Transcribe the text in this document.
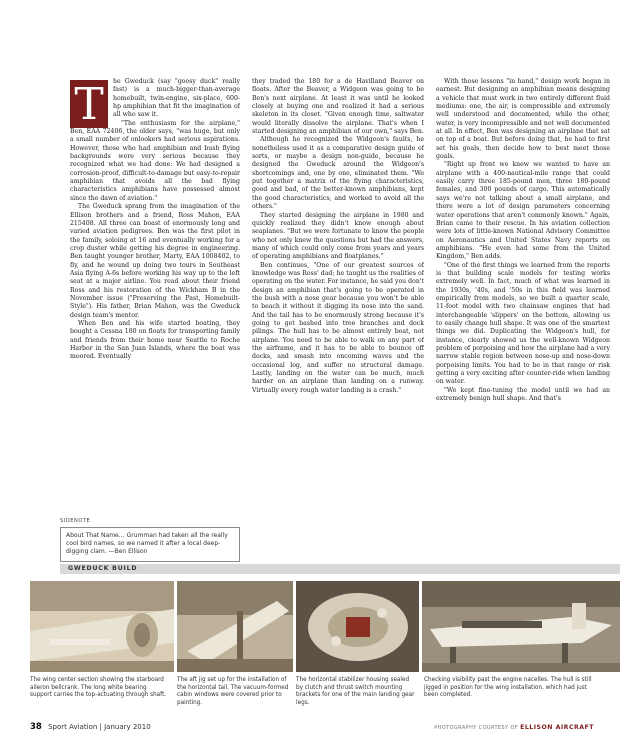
T	he Gweduck (say "goosy duck" really fast) is a much-bigger-than-average homebuilt, twin-engine, six-place, 600-hp amphibian that fit the imagination of all who saw it.

"The enthusiasm for the airplane," Ben, EAA 72406, the older says, "was huge, but only a small number of onlookers had serious aspirations. However, those who had amphibian and bush flying backgrounds were very serious because they recognized what we had done: We had designed a corrosion-proof, difficult-to-damage but easy-to-repair amphibian that avoids all the bad flying characteristics amphibians have possessed almost since the dawn of aviation."

The Gweduck sprang from the imagination of the Ellison brothers and a friend, Ross Mahon, EAA 215408. All three can boast of enormously long and varied aviation pedigrees. Ben was the first pilot in the family, soloing at 16 and eventually working for a crop duster while getting his degree in engineering. Ben taught younger brother, Marty, EAA 1008402, to fly, and he wound up doing two tours in Southeast Asia flying A-6s before working his way up to the left seat at a major airline. You read about their friend Ross and his restoration of the Wickham B in the November issue ("Preserving the Past, Homebuilt-Style"). His father, Brian Mahon, was the Gweduck design team's mentor.

When Ben and his wife started boating, they bought a Cessna 180 on floats for transporting family and friends from their home near Seattle to Roche Harbor in the San Juan Islands, where the boat was moored. Eventually

they traded the 180 for a de Havilland Beaver on floats. After the Beaver, a Widgeon was going to be Ben's next airplane. At least it was until he looked closely at buying one and realized it had a serious skeleton in its closet. "Given enough time, saltwater would literally dissolve the airplane. That's when I started designing an amphibian of our own," says Ben.

Although he recognized the Widgeon's faults, he nonetheless used it as a comparative design guide of sorts, or maybe a design non-guide, because he designed the Gweduck around the Widgeon's shortcomings and, one by one, eliminated them. "We put together a matrix of the flying characteristics, good and bad, of the better-known amphibians, kept the good characteristics, and worked to avoid all the others."

They started designing the airplane in 1980 and quickly realized they didn't know enough about seaplanes. "But we were fortunate to know the people who not only knew the questions but had the answers, many of which could only come from years and years of operating amphibians and floatplanes."

Ben continues, "One of our greatest sources of knowledge was Ross' dad; he taught us the realities of operating on the water. For instance, he said you don't design an amphibian that's going to be operated in the bush with a nose gear because you won't be able to beach it without it digging its nose into the sand. And the tail has to be enormously strong because it's going to get bashed into tree branches and dock pilings. The hull has to be almost entirely boat, not airplane. You need to be able to walk on any part of the airframe, and it has to be able to bounce off docks, and smash into oncoming waves and the occasional log, and suffer no structural damage. Lastly, landing on the water can be much, much harder on an airplane than landing on a runway. Virtually every rough water landing is a crash."

With those lessons "in hand," design work began in earnest. But designing an amphibian means designing a vehicle that must work in two entirely different fluid mediums: one, the air, is compressible and extremely well understood and documented, while the other, water, is very incompressible and not well documented at all. In effect, Ben was designing an airplane that sat on top of a boat. But before doing that, he had to first set his goals, then decide how to best meet those goals.

"Right up front we knew we wanted to have an airplane with a 400-nautical-mile range that could easily carry three 185-pound men, three 180-pound females, and 300 pounds of cargo. This automatically says we're not talking about a small airplane, and there were a lot of design parameters concerning water operations that aren't commonly known." Again, Brian came to their rescue. In his aviation collection were lots of little-known National Advisory Committee on Aeronautics and United States Navy reports on amphibians. "He even had some from the United Kingdom," Ben adds.

"One of the first things we learned from the reports is that building scale models for testing works extremely well. In fact, much of what was learned in the 1930s, '40s, and '50s in this field was learned empirically from models, so we built a quarter scale, 11-foot model with two chainsaw engines that had interchangeable 'slippers' on the bottom, allowing us to easily change hull shape. It was one of the smartest things we did. Duplicating the Widgeon's hull, for instance, clearly showed us the well-known Widgeon problem of porpoising and how the airplane had a very narrow stable region between nose-up and nose-down porpoising limits. You had to be in that range or risk getting a very exciting after counter-ride when landing on water.

"We kept fine-tuning the model until we had an extremely benign hull shape. And that's

SIDENOTE
About That Name… Grumman had taken all the really cool bird names, so we named it after a local deep-digging clam. —Ben Ellison
GWEDUCK BUILD
The wing center section showing the starboard aileron bellcrank. The long white bearing support carries the top-actuating through shaft.
The aft jig set up for the installation of the horizontal tail. The vacuum-formed cabin windows were covered prior to painting.
The horizontal stabilizer housing sealed by clutch and thrust switch mounting brackets for one of the main landing gear legs.
Checking visibility past the engine nacelles. The hull is still jigged in position for the wing installation, which had just been completed.
38 Sport Aviation | January 2010	PHOTOGRAPHY COURTESY OF ELLISON AIRCRAFT
